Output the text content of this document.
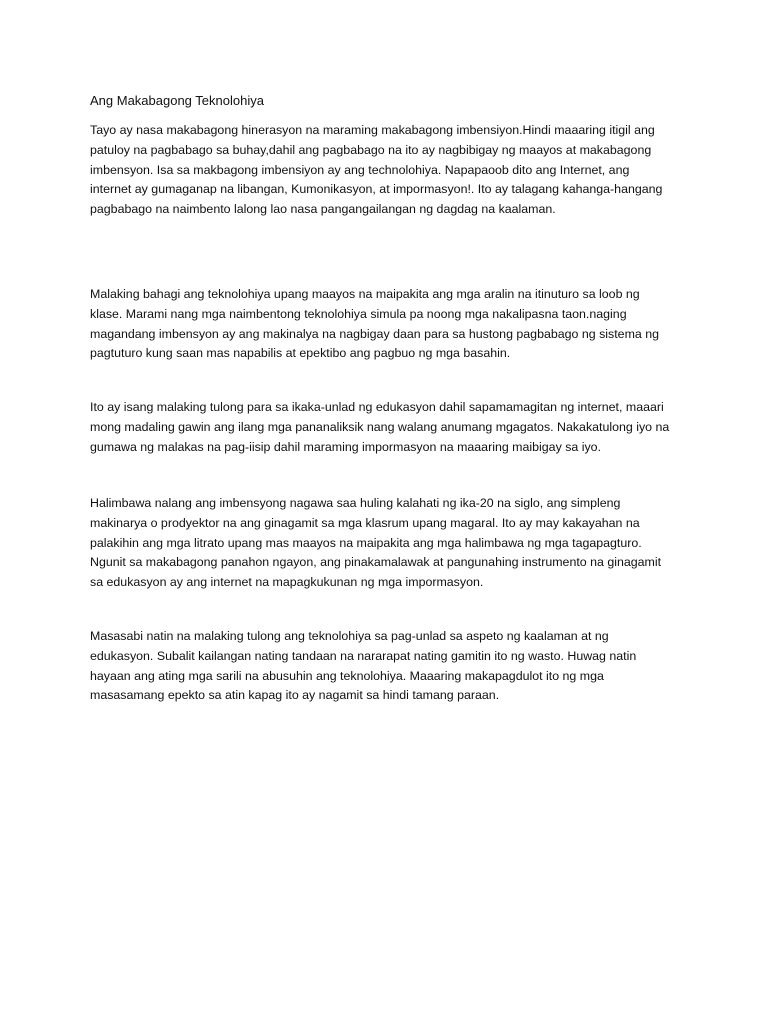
Ang Makabagong Teknolohiya

Tayo ay nasa makabagong hinerasyon na maraming makabagong imbensiyon.Hindi maaaring itigil ang
patuloy na pagbabago sa buhay,dahil ang pagbabago na ito ay nagbibigay ng maayos at makabagong
imbensyon. Isa sa makbagong imbensiyon ay ang technolohiya. Napapaoob dito ang Internet, ang
internet ay gumaganap na libangan, Kumonikasyon, at impormasyon!. Ito ay talagang kahanga-hangang
pagbabago na naimbento lalong lao nasa pangangailangan ng dagdag na kaalaman.

Malaking bahagi ang teknolohiya upang maayos na maipakita ang mga aralin na itinuturo sa loob ng
klase. Marami nang mga naimbentong teknolohiya simula pa noong mga nakalipasna taon.naging
magandang imbensyon ay ang makinalya na nagbigay daan para sa hustong pagbabago ng sistema ng
pagtuturo kung saan mas napabilis at epektibo ang pagbuo ng mga basahin.

Ito ay isang malaking tulong para sa ikaka-unlad ng edukasyon dahil sapamamagitan ng internet, maaari
mong madaling gawin ang ilang mga pananaliksik nang walang anumang mgagatos. Nakakatulong iyo na
gumawa ng malakas na pag-iisip dahil maraming impormasyon na maaaring maibigay sa iyo.

Halimbawa nalang ang imbensyong nagawa saa huling kalahati ng ika-20 na siglo, ang simpleng
makinarya o prodyektor na ang ginagamit sa mga klasrum upang magaral. Ito ay may kakayahan na
palakihin ang mga litrato upang mas maayos na maipakita ang mga halimbawa ng mga tagapagturo.
Ngunit sa makabagong panahon ngayon, ang pinakamalawak at pangunahing instrumento na ginagamit
sa edukasyon ay ang internet na mapagkukunan ng mga impormasyon.

Masasabi natin na malaking tulong ang teknolohiya sa pag-unlad sa aspeto ng kaalaman at ng
edukasyon. Subalit kailangan nating tandaan na nararapat nating gamitin ito ng wasto. Huwag natin
hayaan ang ating mga sarili na abusuhin ang teknolohiya. Maaaring makapagdulot ito ng mga
masasamang epekto sa atin kapag ito ay nagamit sa hindi tamang paraan.
